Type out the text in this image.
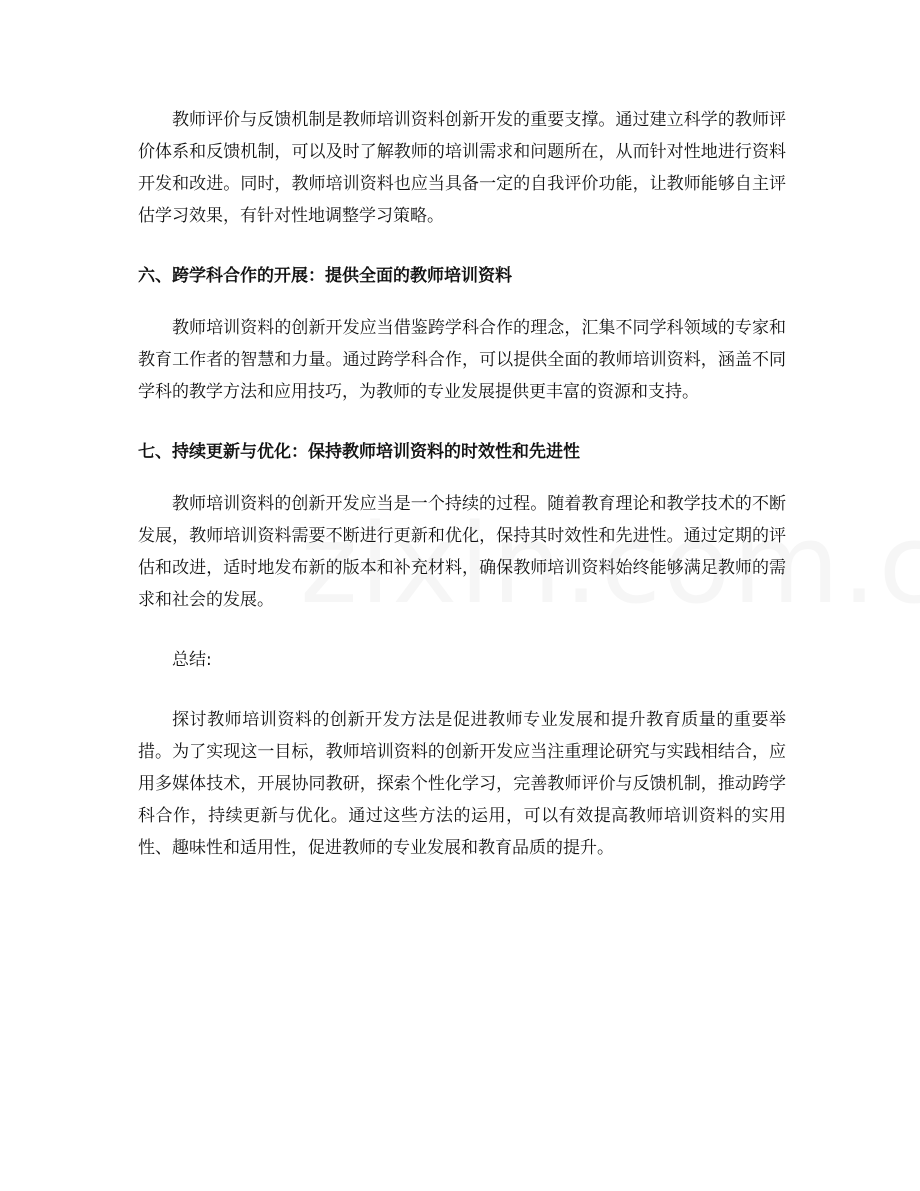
教师评价与反馈机制是教师培训资料创新开发的重要支撑。通过建立科学的教师评价体系和反馈机制，可以及时了解教师的培训需求和问题所在，从而针对性地进行资料开发和改进。同时，教师培训资料也应当具备一定的自我评价功能，让教师能够自主评估学习效果，有针对性地调整学习策略。

六、跨学科合作的开展：提供全面的教师培训资料

教师培训资料的创新开发应当借鉴跨学科合作的理念，汇集不同学科领域的专家和教育工作者的智慧和力量。通过跨学科合作，可以提供全面的教师培训资料，涵盖不同学科的教学方法和应用技巧，为教师的专业发展提供更丰富的资源和支持。

七、持续更新与优化：保持教师培训资料的时效性和先进性

教师培训资料的创新开发应当是一个持续的过程。随着教育理论和教学技术的不断发展，教师培训资料需要不断进行更新和优化，保持其时效性和先进性。通过定期的评估和改进，适时地发布新的版本和补充材料，确保教师培训资料始终能够满足教师的需求和社会的发展。

总结:

探讨教师培训资料的创新开发方法是促进教师专业发展和提升教育质量的重要举措。为了实现这一目标，教师培训资料的创新开发应当注重理论研究与实践相结合，应用多媒体技术，开展协同教研，探索个性化学习，完善教师评价与反馈机制，推动跨学科合作，持续更新与优化。通过这些方法的运用，可以有效提高教师培训资料的实用性、趣味性和适用性，促进教师的专业发展和教育品质的提升。
